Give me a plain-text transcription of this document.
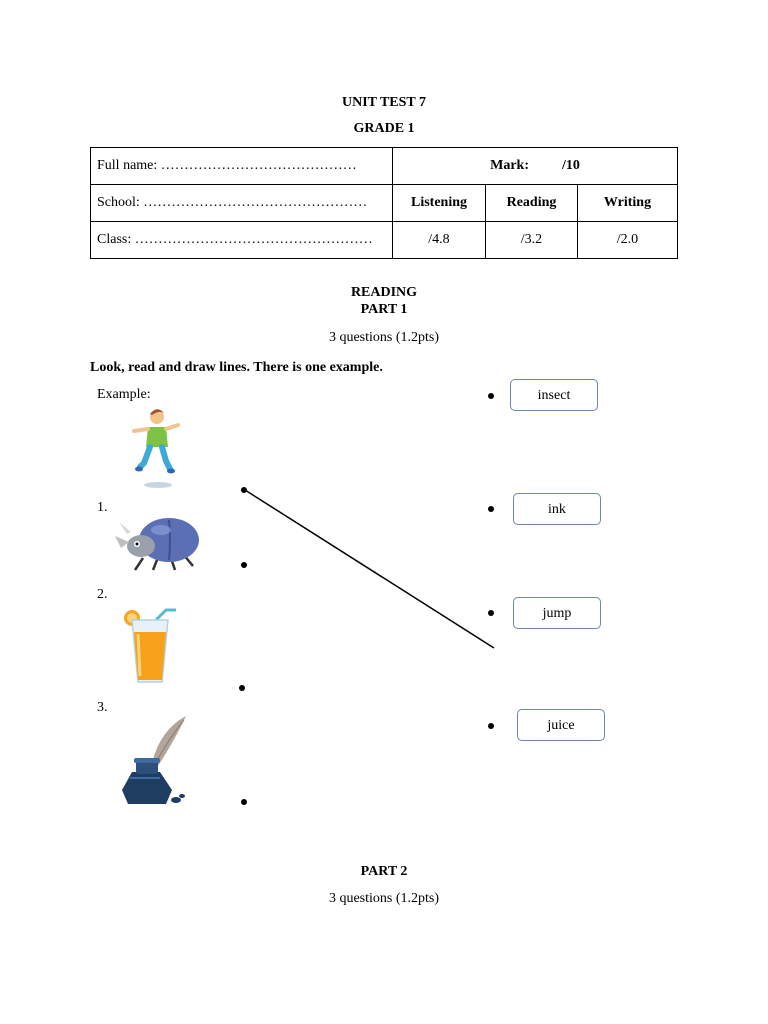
UNIT TEST 7
GRADE 1
Full name: ……………………………………	Mark: /10		
School: …………………………………………	Listening	Reading	Writing
Class: ……………………………………………	/4.8	/3.2	/2.0
READING
PART 1
3 questions (1.2pts)
Look, read and draw lines. There is one example.
Example:
1.
2.
3.
insect
ink
jump
juice
PART 2
3 questions (1.2pts)
